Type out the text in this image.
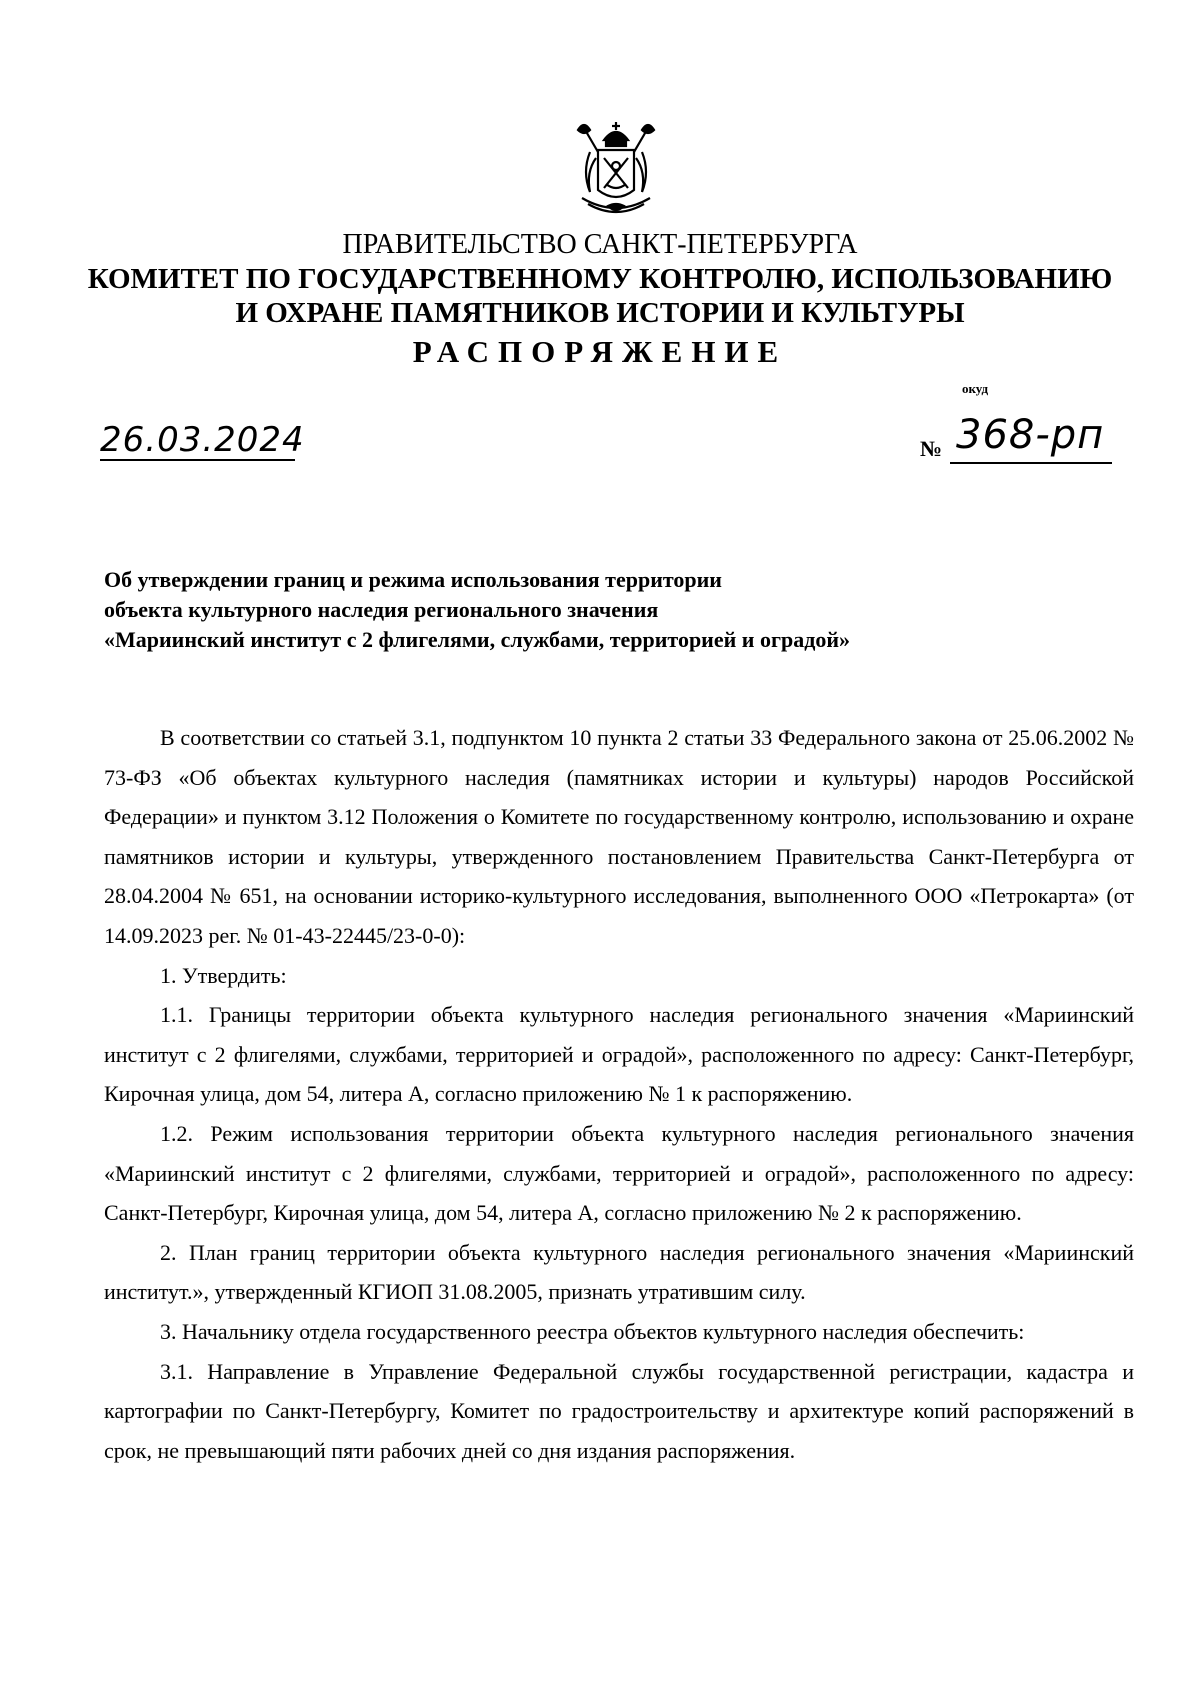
ПРАВИТЕЛЬСТВО САНКТ-ПЕТЕРБУРГА
КОМИТЕТ ПО ГОСУДАРСТВЕННОМУ КОНТРОЛЮ, ИСПОЛЬЗОВАНИЮ
И ОХРАНЕ ПАМЯТНИКОВ ИСТОРИИ И КУЛЬТУРЫ
РАСПОРЯЖЕНИЕ
окуд
26.03.2024	№ 368-рп
Об утверждении границ и режима использования территории
объекта культурного наследия регионального значения
«Мариинский институт с 2 флигелями, службами, территорией и оградой»

В соответствии со статьей 3.1, подпунктом 10 пункта 2 статьи 33 Федерального закона от 25.06.2002 № 73-ФЗ «Об объектах культурного наследия (памятниках истории и культуры) народов Российской Федерации» и пунктом 3.12 Положения о Комитете по государственному контролю, использованию и охране памятников истории и культуры, утвержденного постановлением Правительства Санкт-Петербурга от 28.04.2004 № 651, на основании историко-культурного исследования, выполненного ООО «Петрокарта» (от 14.09.2023 рег. № 01-43-22445/23-0-0):

1. Утвердить:

1.1. Границы территории объекта культурного наследия регионального значения «Мариинский институт с 2 флигелями, службами, территорией и оградой», расположенного по адресу: Санкт-Петербург, Кирочная улица, дом 54, литера А, согласно приложению № 1 к распоряжению.

1.2. Режим использования территории объекта культурного наследия регионального значения «Мариинский институт с 2 флигелями, службами, территорией и оградой», расположенного по адресу: Санкт-Петербург, Кирочная улица, дом 54, литера А, согласно приложению № 2 к распоряжению.

2. План границ территории объекта культурного наследия регионального значения «Мариинский институт.», утвержденный КГИОП 31.08.2005, признать утратившим силу.

3. Начальнику отдела государственного реестра объектов культурного наследия обеспечить:

3.1. Направление в Управление Федеральной службы государственной регистрации, кадастра и картографии по Санкт-Петербургу, Комитет по градостроительству и архитектуре копий распоряжений в срок, не превышающий пяти рабочих дней со дня издания распоряжения.
